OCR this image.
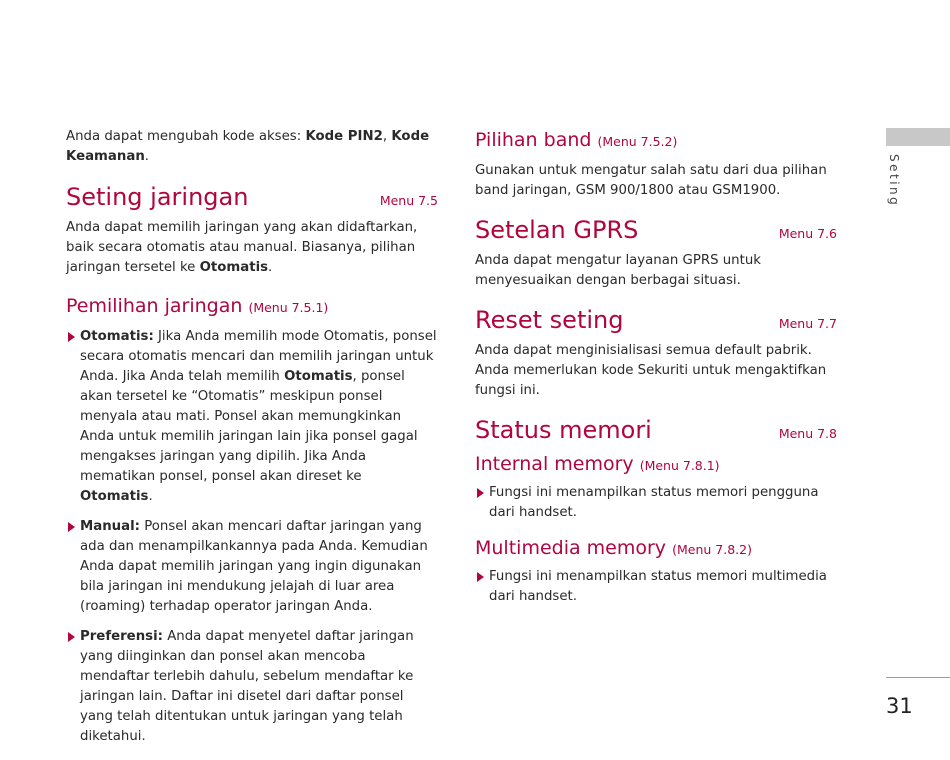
Anda dapat mengubah kode akses: Kode PIN2, Kode Keamanan.

Seting jaringan	Menu 7.5

Anda dapat memilih jaringan yang akan didaftarkan, baik secara otomatis atau manual. Biasanya, pilihan jaringan tersetel ke Otomatis.

Pemilihan jaringan (Menu 7.5.1)

Otomatis: Jika Anda memilih mode Otomatis, ponsel secara otomatis mencari dan memilih jaringan untuk Anda. Jika Anda telah memilih Otomatis, ponsel akan tersetel ke “Otomatis” meskipun ponsel menyala atau mati. Ponsel akan memungkinkan Anda untuk memilih jaringan lain jika ponsel gagal mengakses jaringan yang dipilih. Jika Anda mematikan ponsel, ponsel akan direset ke Otomatis.

Manual: Ponsel akan mencari daftar jaringan yang ada dan menampilkankannya pada Anda. Kemudian Anda dapat memilih jaringan yang ingin digunakan bila jaringan ini mendukung jelajah di luar area (roaming) terhadap operator jaringan Anda.

Preferensi: Anda dapat menyetel daftar jaringan yang diinginkan dan ponsel akan mencoba mendaftar terlebih dahulu, sebelum mendaftar ke jaringan lain. Daftar ini disetel dari daftar ponsel yang telah ditentukan untuk jaringan yang telah diketahui.

Pilihan band (Menu 7.5.2)

Gunakan untuk mengatur salah satu dari dua pilihan band jaringan, GSM 900/1800 atau GSM1900.

Setelan GPRS	Menu 7.6

Anda dapat mengatur layanan GPRS untuk menyesuaikan dengan berbagai situasi.

Reset seting	Menu 7.7

Anda dapat menginisialisasi semua default pabrik. Anda memerlukan kode Sekuriti untuk mengaktifkan fungsi ini.

Status memori	Menu 7.8
Internal memory (Menu 7.8.1)

Fungsi ini menampilkan status memori pengguna dari handset.

Multimedia memory (Menu 7.8.2)

Fungsi ini menampilkan status memori multimedia dari handset.

Seting
31
